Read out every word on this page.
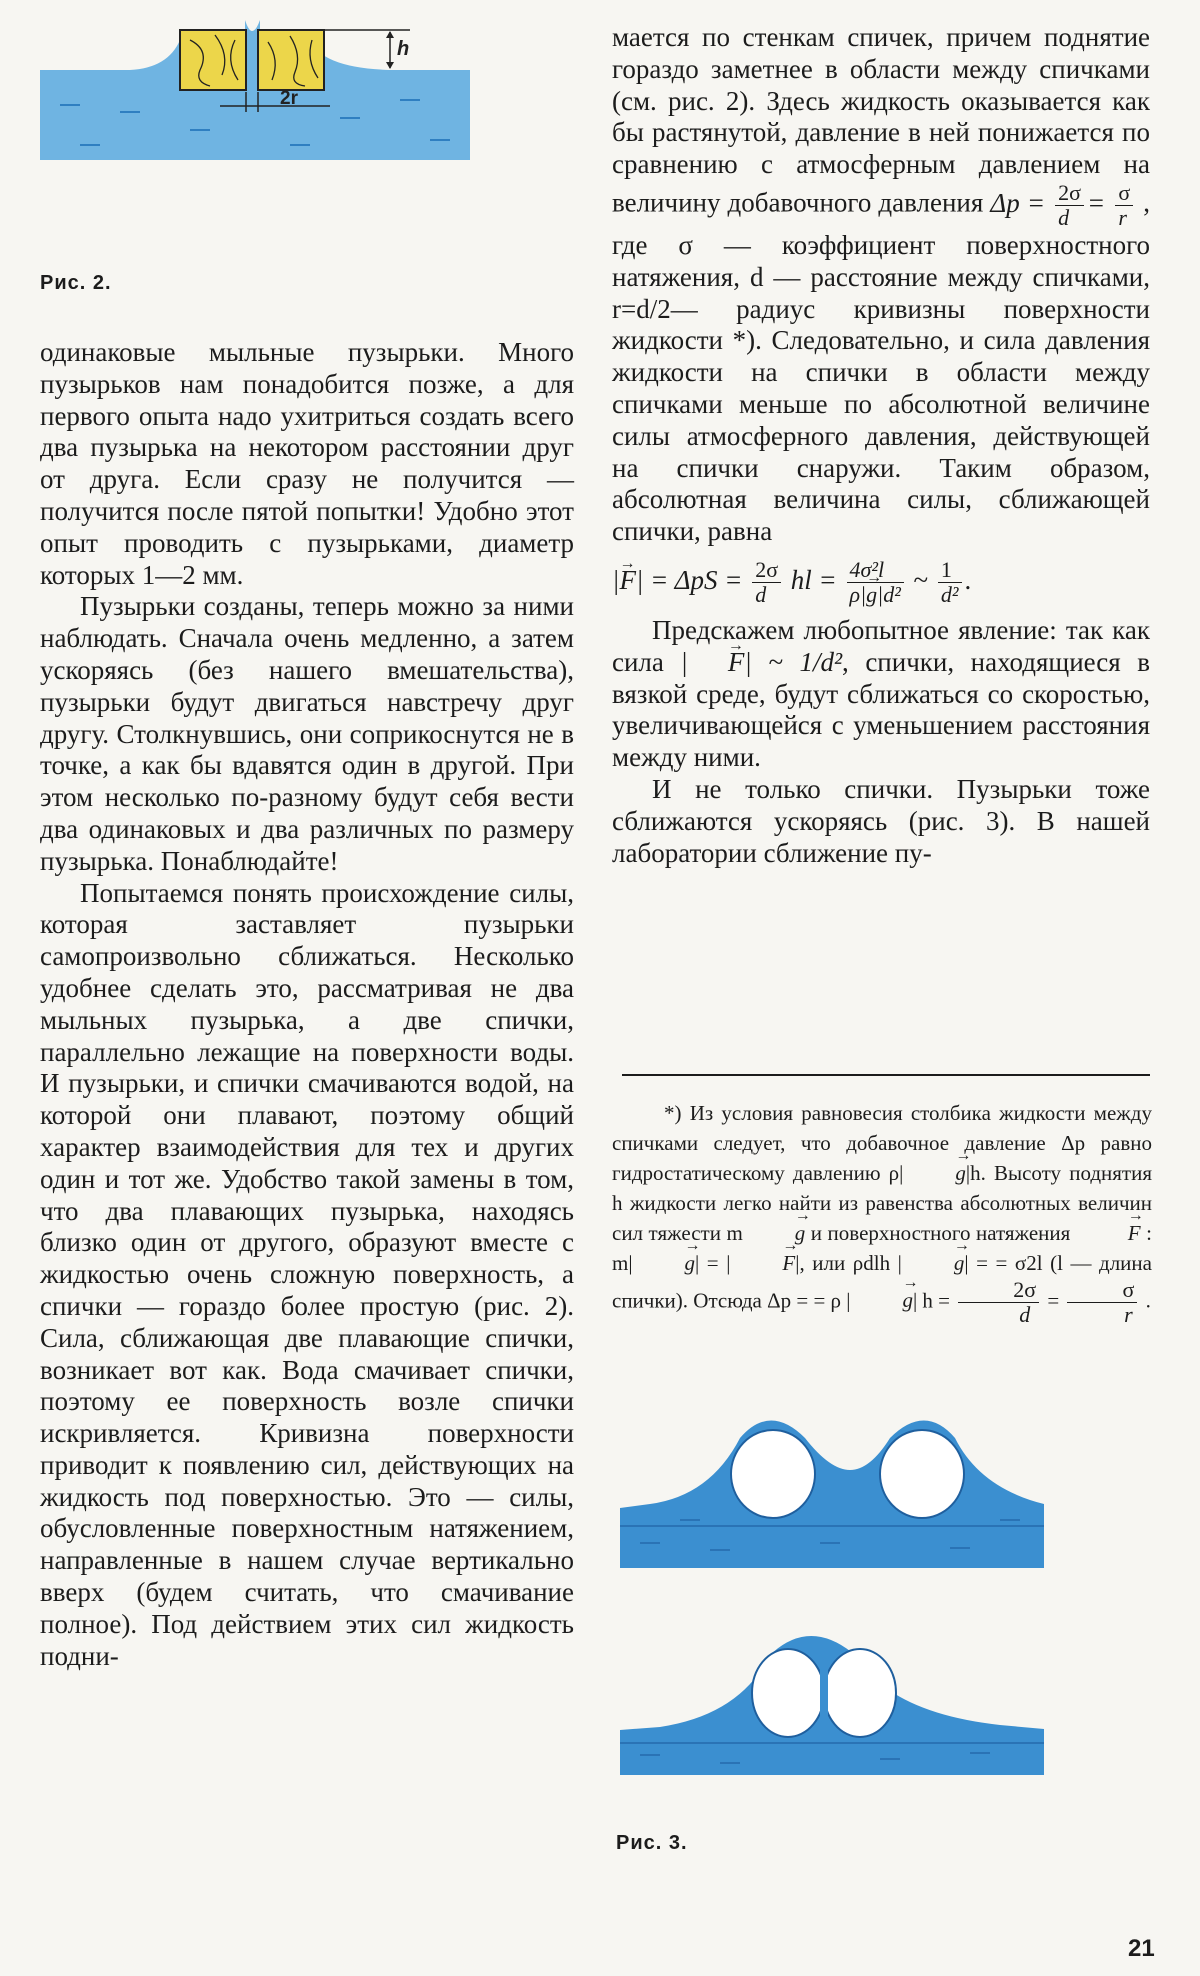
h
2r
Рис. 2.

одинаковые мыльные пузырьки. Много пузырьков нам понадобится позже, а для первого опыта надо ухитриться создать всего два пузырька на некотором расстоянии друг от друга. Если сразу не получится — получится после пятой попытки! Удобно этот опыт проводить с пузырьками, диаметр которых 1—2 мм.

Пузырьки созданы, теперь можно за ними наблюдать. Сначала очень медленно, а затем ускоряясь (без нашего вмешательства), пузырьки будут двигаться навстречу друг другу. Столкнувшись, они соприкоснутся не в точке, а как бы вдавятся один в другой. При этом несколько по-разному будут себя вести два одинаковых и два различных по размеру пузырька. Понаблюдайте!

Попытаемся понять происхождение силы, которая заставляет пузырьки самопроизвольно сближаться. Несколько удобнее сделать это, рассматривая не два мыльных пузырька, а две спички, параллельно лежащие на поверхности воды. И пузырьки, и спички смачиваются водой, на которой они плавают, поэтому общий характер взаимодействия для тех и других один и тот же. Удобство такой замены в том, что два плавающих пузырька, находясь близко один от другого, образуют вместе с жидкостью очень сложную поверхность, а спички — гораздо более простую (рис. 2). Сила, сближающая две плавающие спички, возникает вот как. Вода смачивает спички, поэтому ее поверхность возле спички искривляется. Кривизна поверхности приводит к появлению сил, действующих на жидкость под поверхностью. Это — силы, обусловленные поверхностным натяжением, направленные в нашем случае вертикально вверх (будем считать, что смачивание полное). Под действием этих сил жидкость подни-

мается по стенкам спичек, причем поднятие гораздо заметнее в области между спичками (см. рис. 2). Здесь жидкость оказывается как бы растянутой, давление в ней понижается по сравнению с атмосферным давлением на величину добавочного давления $\Delta p = \frac{2\sigma}{d} = \frac{\sigma}{r}$ , где σ — коэффициент поверхностного натяжения, d — расстояние между спичками, r=d/2— радиус кривизны поверхности жидкости *). Следовательно, и сила давления жидкости на спички в области между спичками меньше по абсолютной величине силы атмосферного давления, действующей на спички снаружи. Таким образом, абсолютная величина силы, сближающей спички, равна

|→ $F| = \Delta pS = \frac{2\sigma}{d}$ hl = $\frac{\text{4σ²l}}{\text{ρ|→ g|d²}}$ ~ $\frac{1}{\text{d²}}$ .

Предскажем любопытное явление: так как сила | → F| ~ 1/d², спички, находящиеся в вязкой среде, будут сближаться со скоростью, увеличивающейся с уменьшением расстояния между ними.

И не только спички. Пузырьки тоже сближаются ускоряясь (рис. 3). В нашей лаборатории сближение пу-

*) Из условия равновесия столбика жидкости между спичками следует, что добавочное давление Δp равно гидростатическому давлению ρ| → g|h. Высоту поднятия h жидкости легко найти из равенства абсолютных величин сил тяжести m → g и поверхностного натяжения → F : m| → g| = | → F|, или ρdlh | → g| = = σ2l (l — длина спички). Отсюда Δp = = ρ | → g| $h = \frac{2\sigma}{d} = \frac{\sigma}{r}$ .

Рис. 3.
21
